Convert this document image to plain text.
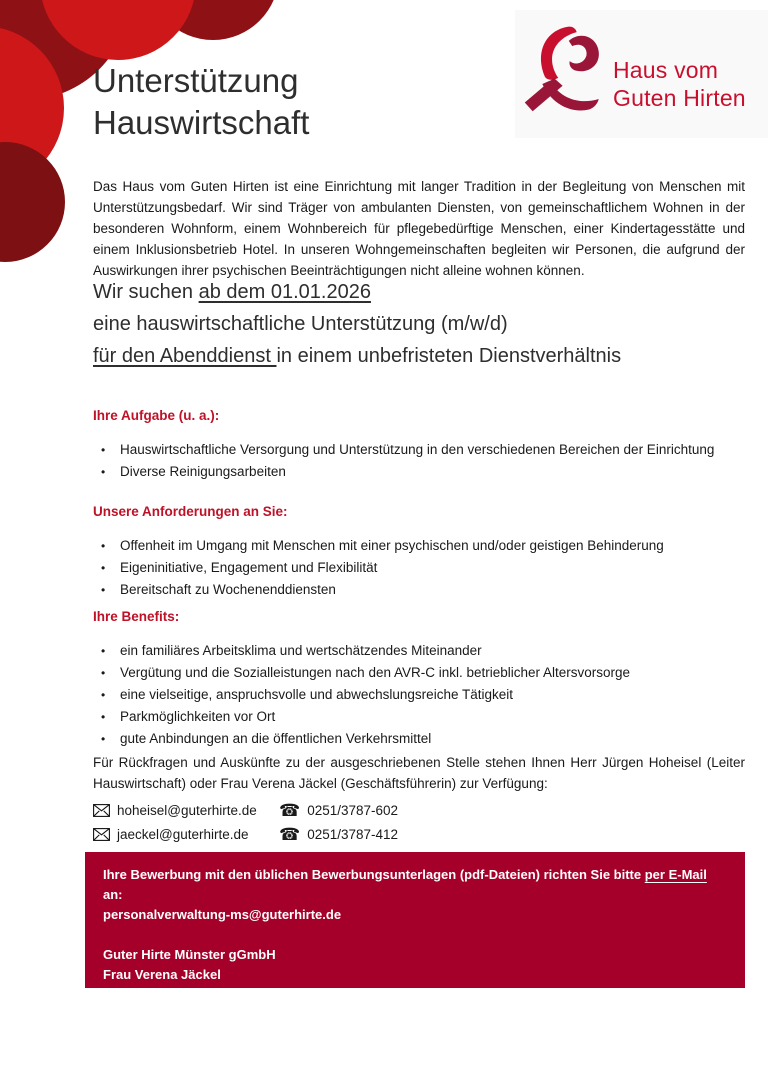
Haus vom
Guten Hirten
Unterstützung
Hauswirtschaft

Das Haus vom Guten Hirten ist eine Einrichtung mit langer Tradition in der Begleitung von Menschen mit Unterstützungsbedarf. Wir sind Träger von ambulanten Diensten, von gemeinschaftlichem Wohnen in der besonderen Wohnform, einem Wohnbereich für pflegebedürftige Menschen, einer Kindertagesstätte und einem Inklusionsbetrieb Hotel. In unseren Wohngemeinschaften begleiten wir Personen, die aufgrund der Auswirkungen ihrer psychischen Beeinträchtigungen nicht alleine wohnen können.

Wir suchen ab dem 01.01.2026
eine hauswirtschaftliche Unterstützung (m/w/d)
für den Abenddienst in einem unbefristeten Dienstverhältnis
Ihre Aufgabe (u. a.):
• Hauswirtschaftliche Versorgung und Unterstützung in den verschiedenen Bereichen der Einrichtung
• Diverse Reinigungsarbeiten
Unsere Anforderungen an Sie:
• Offenheit im Umgang mit Menschen mit einer psychischen und/oder geistigen Behinderung
• Eigeninitiative, Engagement und Flexibilität
• Bereitschaft zu Wochenenddiensten
Ihre Benefits:
• ein familiäres Arbeitsklima und wertschätzendes Miteinander
• Vergütung und die Sozialleistungen nach den AVR-C inkl. betrieblicher Altersvorsorge
• eine vielseitige, anspruchsvolle und abwechslungsreiche Tätigkeit
• Parkmöglichkeiten vor Ort
• gute Anbindungen an die öffentlichen Verkehrsmittel
Für Rückfragen und Auskünfte zu der ausgeschriebenen Stelle stehen Ihnen Herr Jürgen Hoheisel (Leiter Hauswirtschaft) oder Frau Verena Jäckel (Geschäftsführerin) zur Verfügung:
hoheisel@guterhirte.de	☎ 0251/3787-602
jaeckel@guterhirte.de	☎ 0251/3787-412
Ihre Bewerbung mit den üblichen Bewerbungsunterlagen (pdf-Dateien) richten Sie bitte per E-Mail an:
personalverwaltung-ms@guterhirte.de
Guter Hirte Münster gGmbH
Frau Verena Jäckel
Mauritz-Lindenweg 61
48145 Münster
